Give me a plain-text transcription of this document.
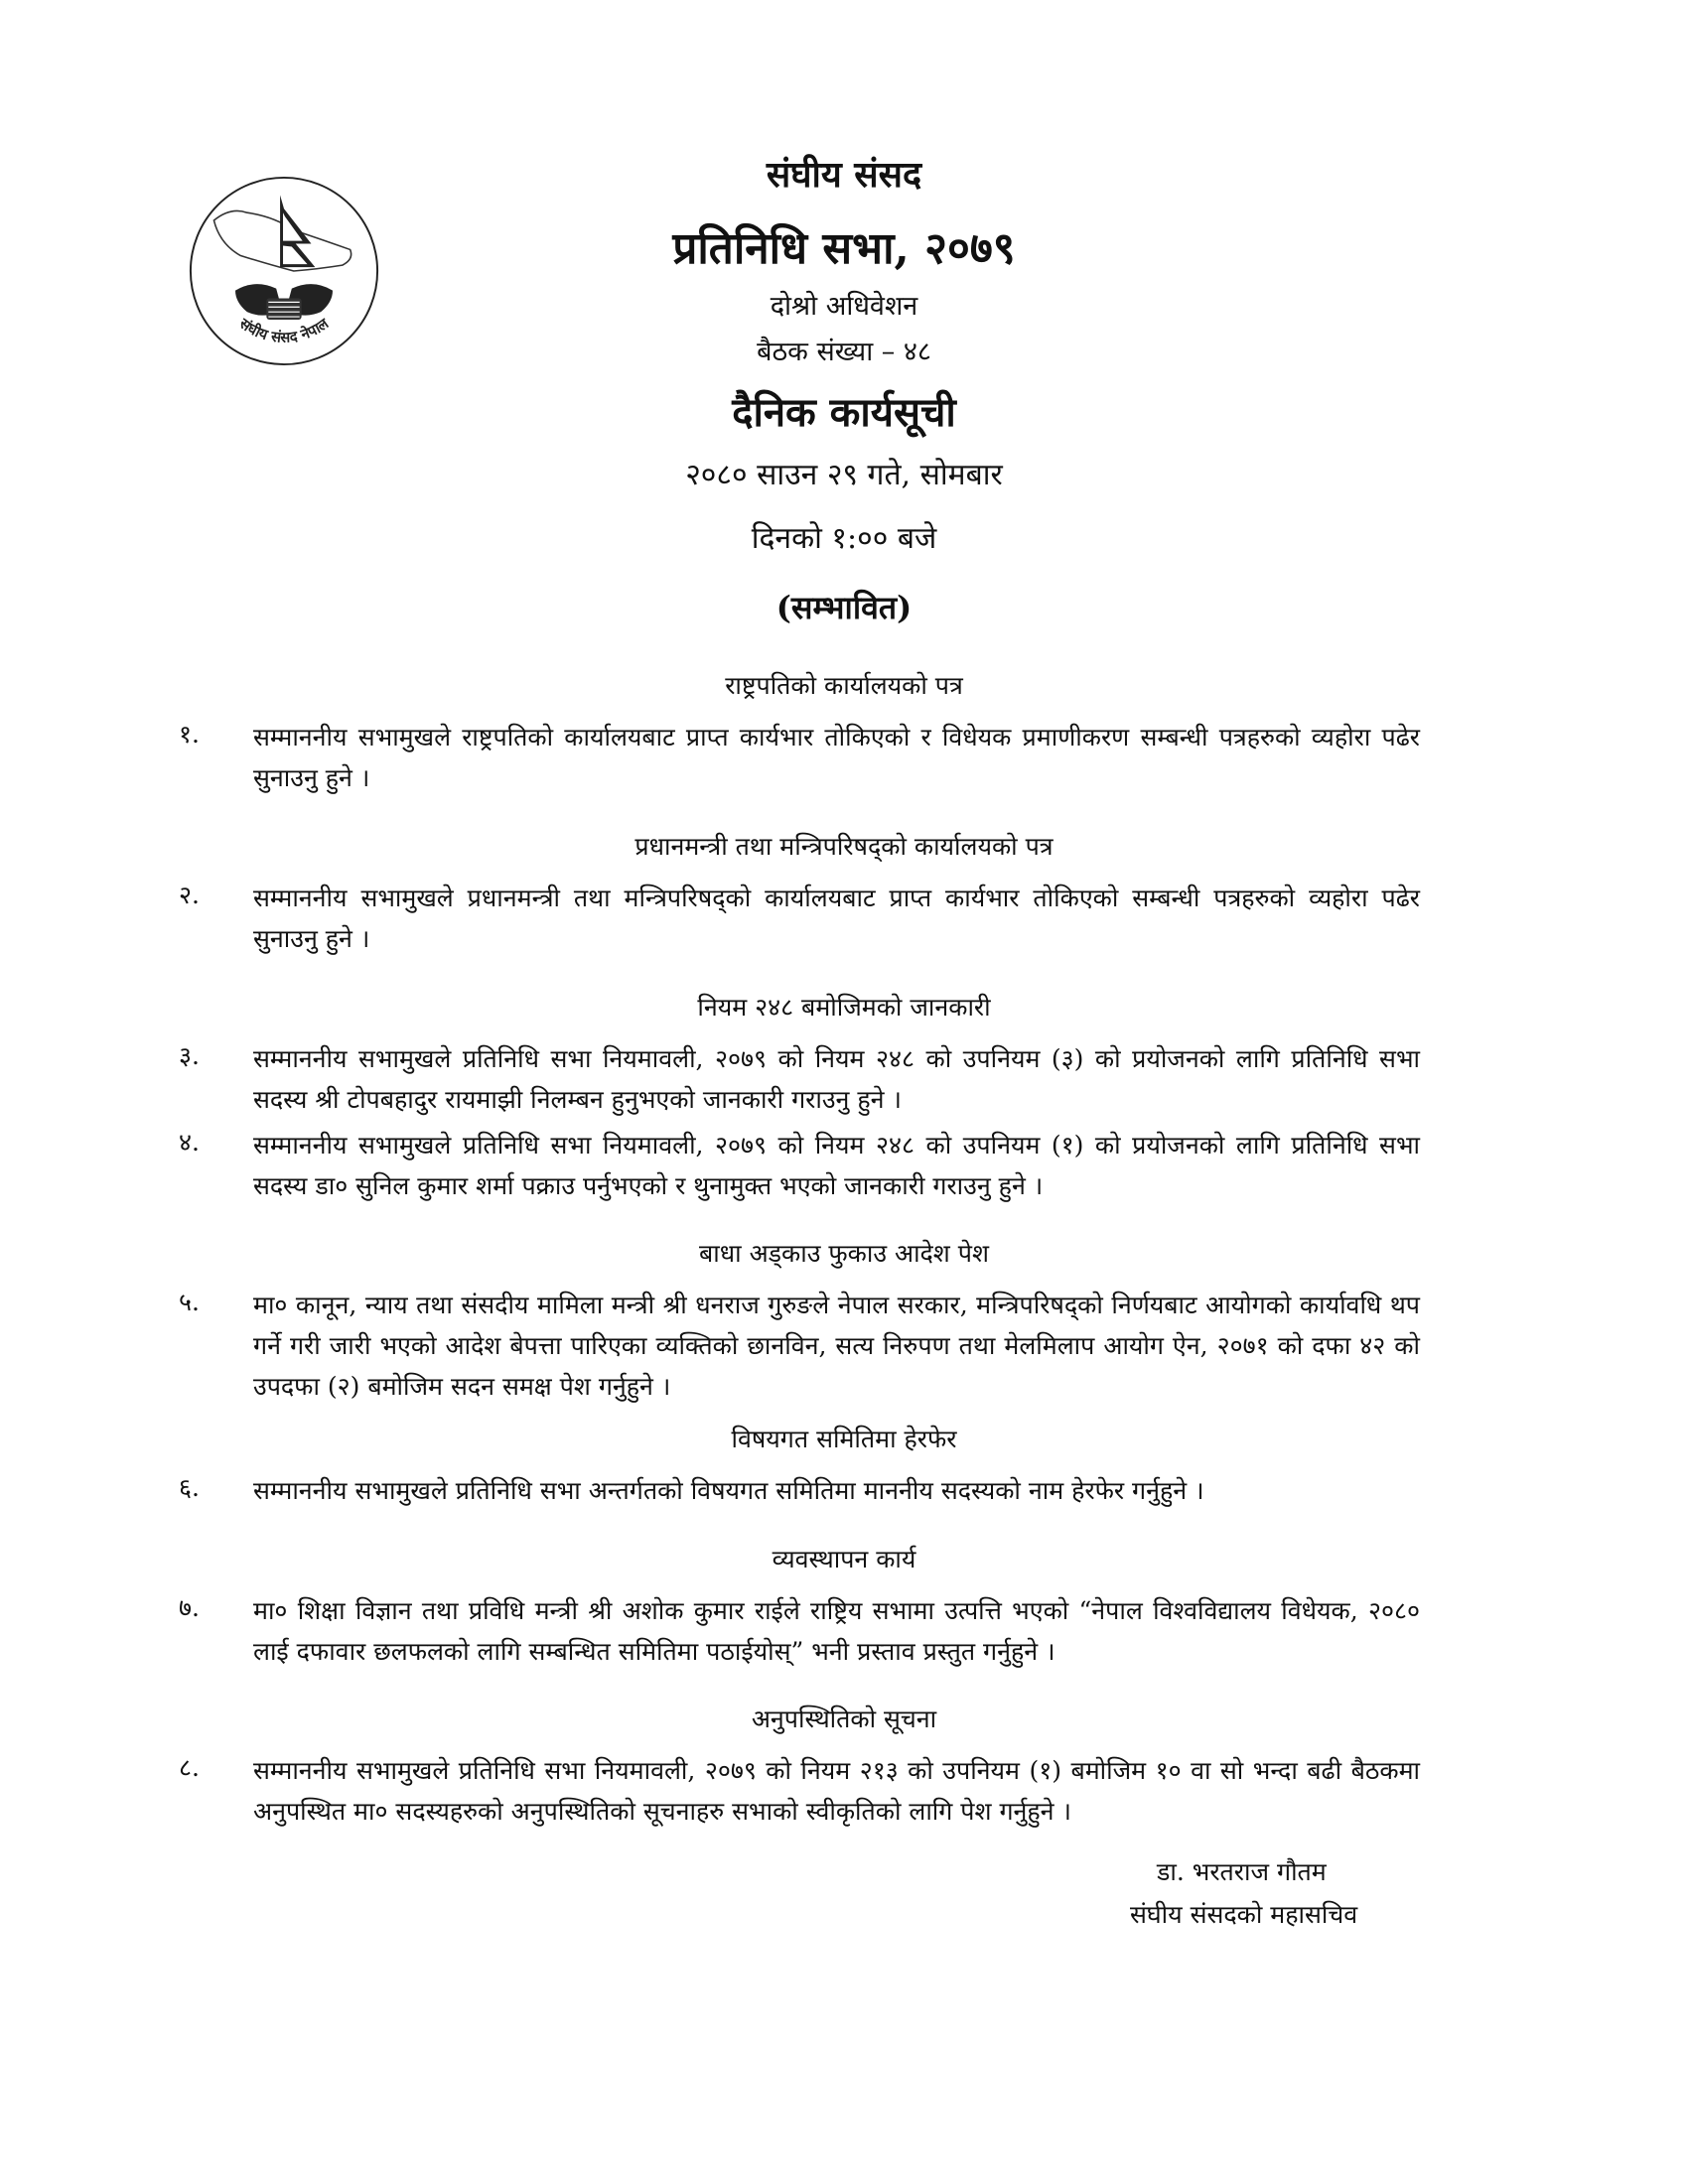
संघीय संसद नेपाल
संघीय संसद
प्रतिनिधि सभा, २०७९
दोश्रो अधिवेशन
बैठक संख्या – ४८
दैनिक कार्यसूची
२०८० साउन २९ गते, सोमबार
दिनको १:०० बजे
(सम्भावित)
राष्ट्रपतिको कार्यालयको पत्र
१. सम्माननीय सभामुखले राष्ट्रपतिको कार्यालयबाट प्राप्त कार्यभार तोकिएको र विधेयक प्रमाणीकरण सम्बन्धी पत्रहरुको व्यहोरा पढेर सुनाउनु हुने ।
प्रधानमन्त्री तथा मन्त्रिपरिषद्को कार्यालयको पत्र
२. सम्माननीय सभामुखले प्रधानमन्त्री तथा मन्त्रिपरिषद्को कार्यालयबाट प्राप्त कार्यभार तोकिएको सम्बन्धी पत्रहरुको व्यहोरा पढेर सुनाउनु हुने ।
नियम २४८ बमोजिमको जानकारी
३. सम्माननीय सभामुखले प्रतिनिधि सभा नियमावली, २०७९ को नियम २४८ को उपनियम (३) को प्रयोजनको लागि प्रतिनिधि सभा सदस्य श्री टोपबहादुर रायमाझी निलम्बन हुनुभएको जानकारी गराउनु हुने ।
४. सम्माननीय सभामुखले प्रतिनिधि सभा नियमावली, २०७९ को नियम २४८ को उपनियम (१) को प्रयोजनको लागि प्रतिनिधि सभा सदस्य डा० सुनिल कुमार शर्मा पक्राउ पर्नुभएको र थुनामुक्त भएको जानकारी गराउनु हुने ।
बाधा अड्काउ फुकाउ आदेश पेश
५. मा० कानून, न्याय तथा संसदीय मामिला मन्त्री श्री धनराज गुरुङले नेपाल सरकार, मन्त्रिपरिषद्को निर्णयबाट आयोगको कार्यावधि थप गर्ने गरी जारी भएको आदेश बेपत्ता पारिएका व्यक्तिको छानविन, सत्य निरुपण तथा मेलमिलाप आयोग ऐन, २०७१ को दफा ४२ को उपदफा (२) बमोजिम सदन समक्ष पेश गर्नुहुने ।
विषयगत समितिमा हेरफेर
६. सम्माननीय सभामुखले प्रतिनिधि सभा अन्तर्गतको विषयगत समितिमा माननीय सदस्यको नाम हेरफेर गर्नुहुने ।
व्यवस्थापन कार्य
७. मा० शिक्षा विज्ञान तथा प्रविधि मन्त्री श्री अशोक कुमार राईले राष्ट्रिय सभामा उत्पत्ति भएको “नेपाल विश्वविद्यालय विधेयक, २०८० लाई दफावार छलफलको लागि सम्बन्धित समितिमा पठाईयोस्” भनी प्रस्ताव प्रस्तुत गर्नुहुने ।
अनुपस्थितिको सूचना
८. सम्माननीय सभामुखले प्रतिनिधि सभा नियमावली, २०७९ को नियम २१३ को उपनियम (१) बमोजिम १० वा सो भन्दा बढी बैठकमा अनुपस्थित मा० सदस्यहरुको अनुपस्थितिको सूचनाहरु सभाको स्वीकृतिको लागि पेश गर्नुहुने ।
डा. भरतराज गौतम
संघीय संसदको महासचिव
